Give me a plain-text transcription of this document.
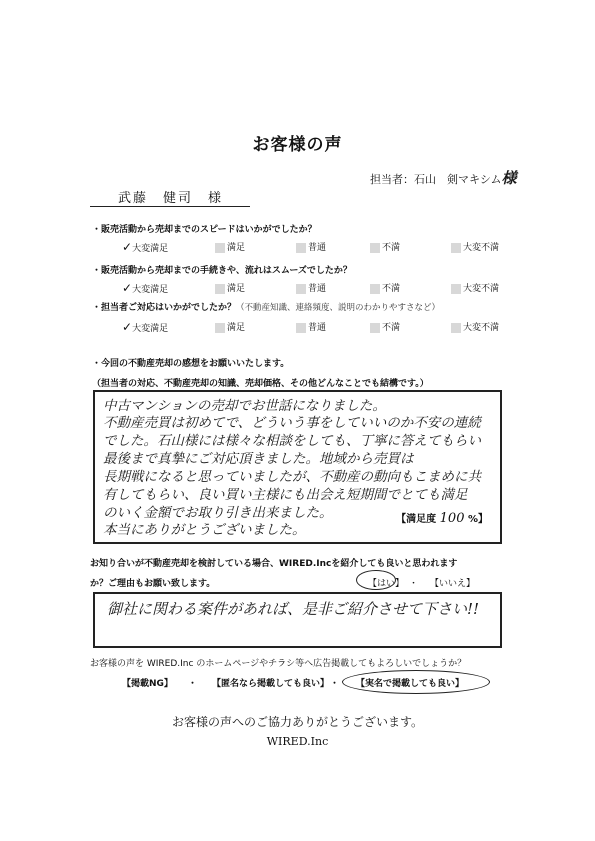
お客様の声
担当者：石山　剣マキシム様
武藤　健司　様
・販売活動から売却までのスピードはいかがでしたか？
✓大変満足	満足	普通	不満	大変不満
・販売活動から売却までの手続きや、流れはスムーズでしたか？
✓大変満足	満足	普通	不満	大変不満
・担当者ご対応はいかがでしたか？（不動産知識、連絡頻度、説明のわかりやすさなど）
✓大変満足	満足	普通	不満	大変不満
・今回の不動産売却の感想をお願いいたします。
（担当者の対応、不動産売却の知識、売却価格、その他どんなことでも結構です。）
中古マンションの売却でお世話になりました。
不動産売買は初めてで、どういう事をしていいのか不安の連続
でした。石山様には様々な相談をしても、丁寧に答えてもらい
最後まで真摯にご対応頂きました。地域から売買は
長期戦になると思っていましたが、不動産の動向もこまめに共
有してもらい、良い買い主様にも出会え短期間でとても満足
のいく金額でお取り引き出来ました。
本当にありがとうございました。
【満足度 100 %】
お知り合いが不動産売却を検討している場合、WIRED.Incを紹介しても良いと思われます
か？ご理由もお願い致します。	【はい】 ・ 【いいえ】
御社に関わる案件があれば、是非ご紹介させて下さい!!
お客様の声を WIRED.Inc のホームページやチラシ等へ広告掲載してもよろしいでしょうか？
【掲載NG】 ・ 【匿名なら掲載しても良い】 ・ 【実名で掲載しても良い】
お客様の声へのご協力ありがとうございます。
WIRED.Inc
